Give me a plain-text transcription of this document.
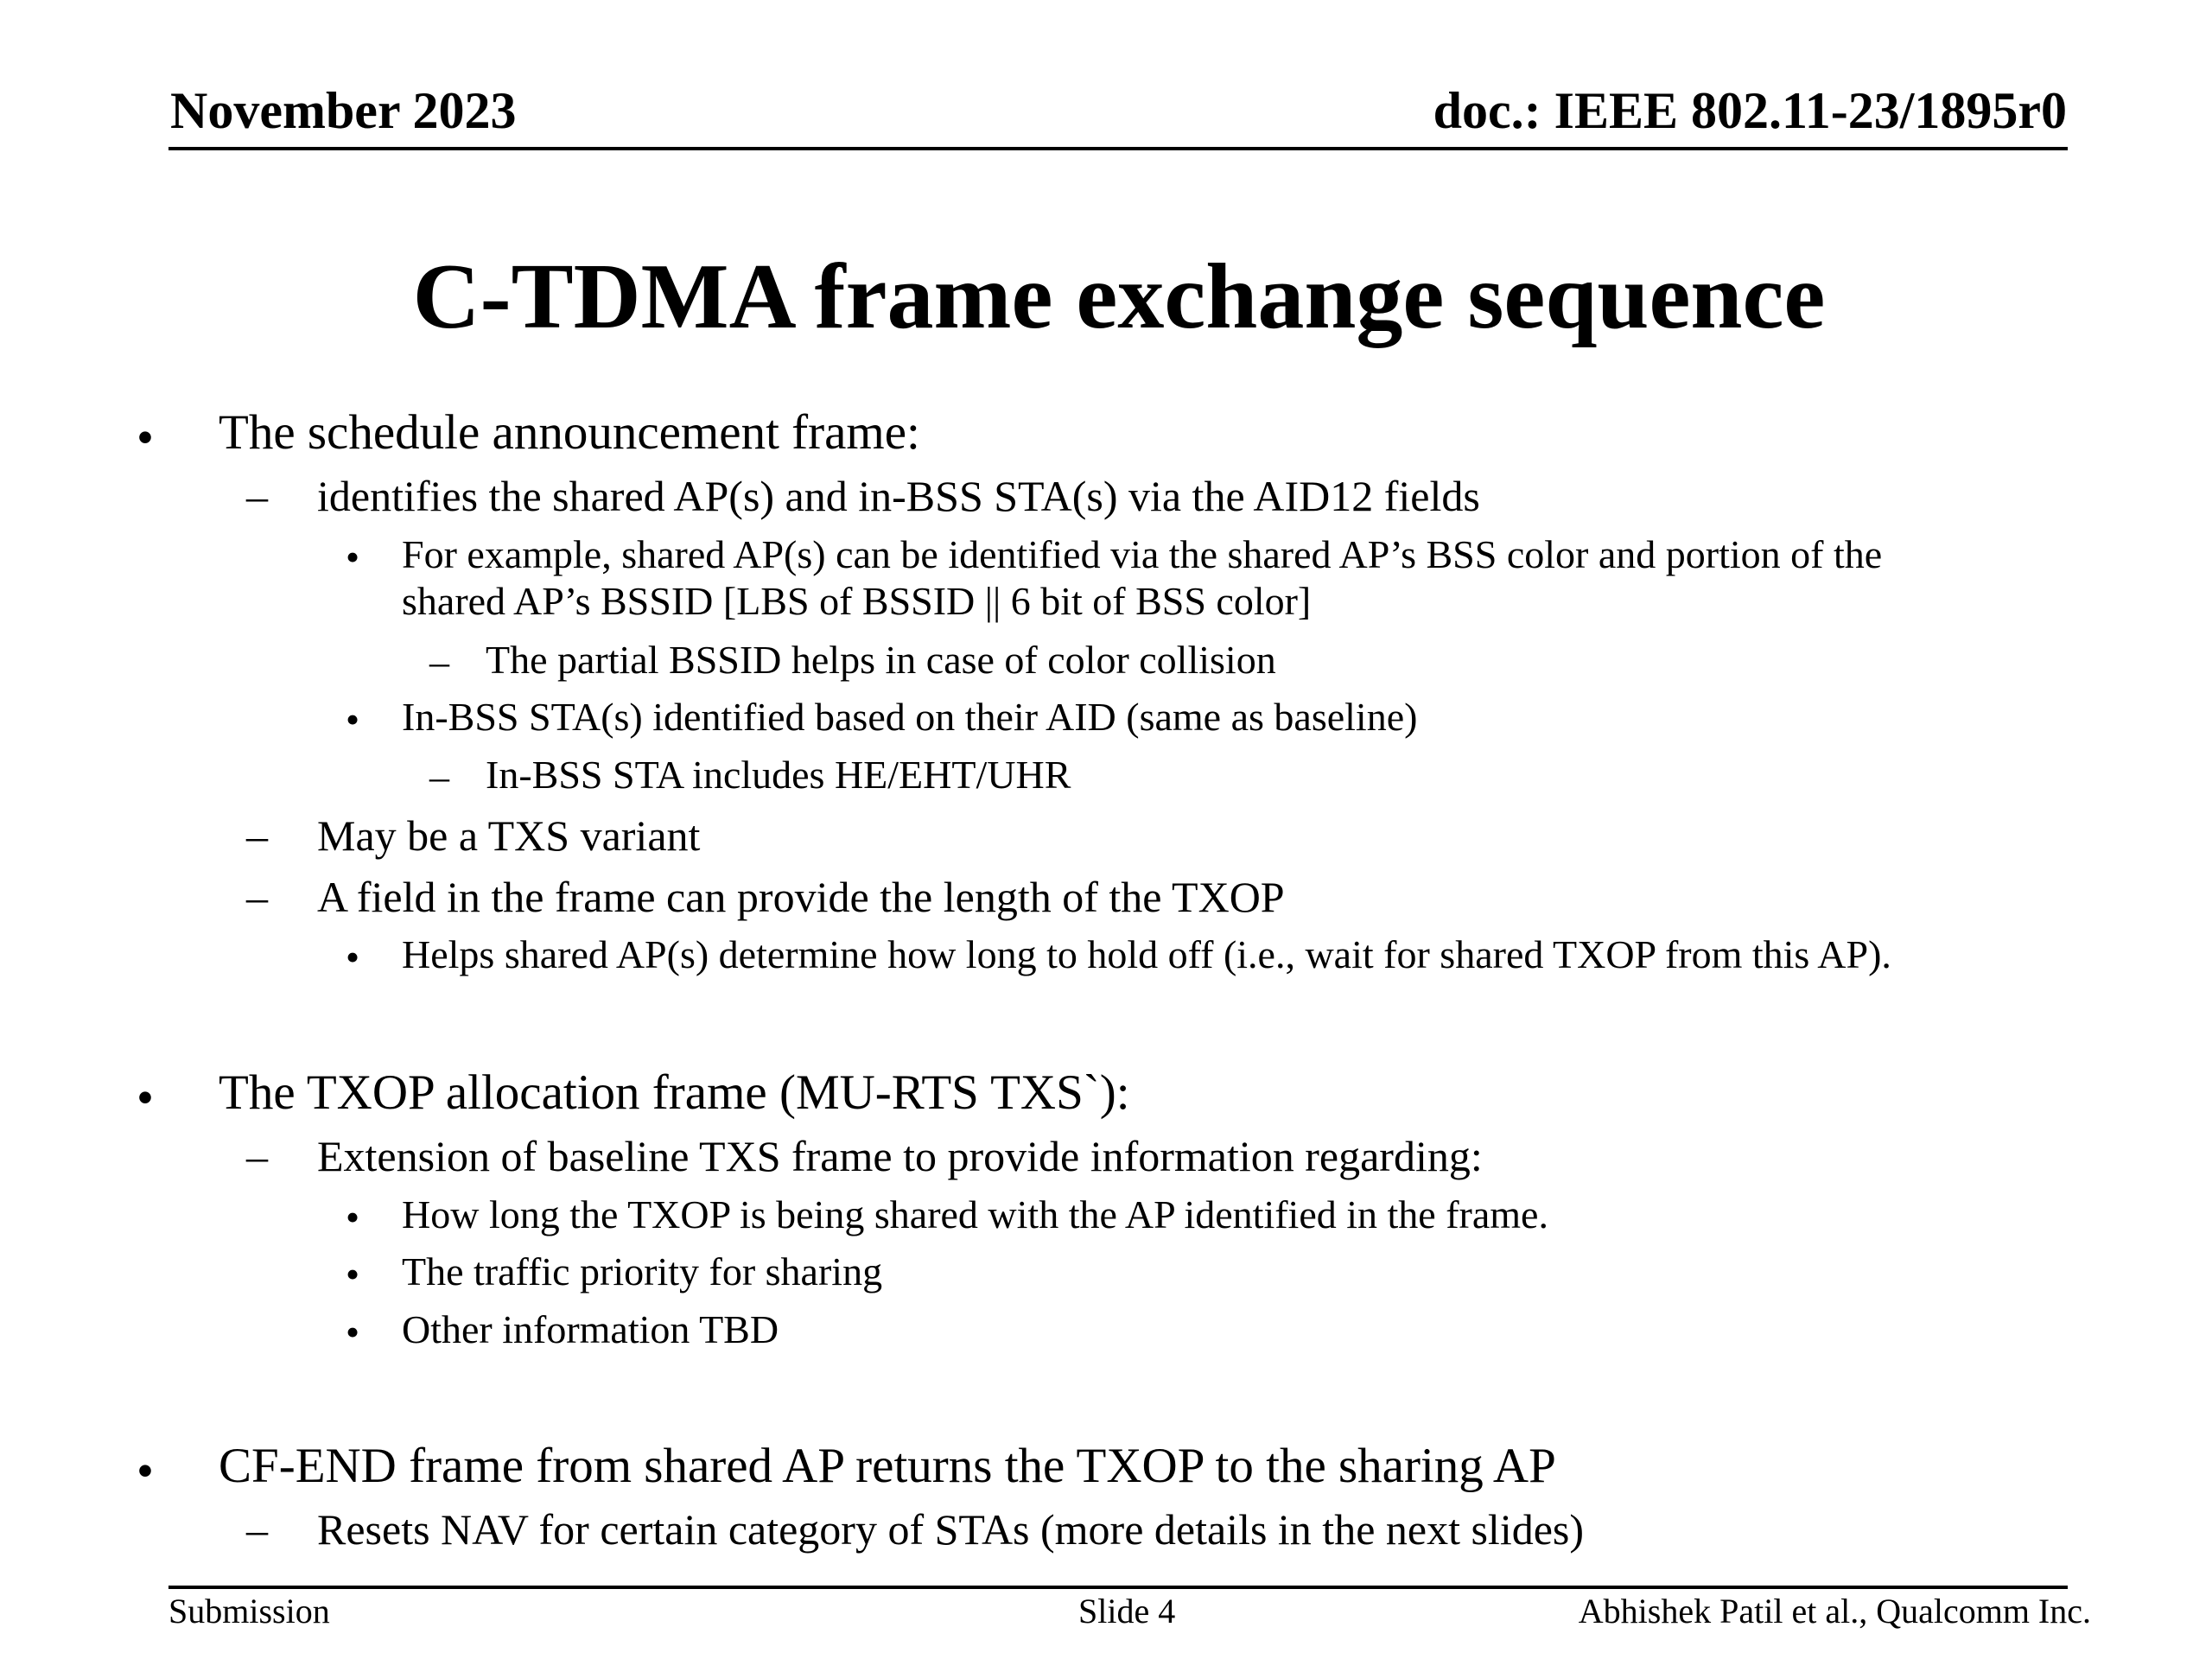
November 2023	doc.: IEEE 802.11-23/1895r0
C-TDMA frame exchange sequence
• The schedule announcement frame:
– identifies the shared AP(s) and in-BSS STA(s) via the AID12 fields
• For example, shared AP(s) can be identified via the shared AP’s BSS color and portion of the
shared AP’s BSSID [LBS of BSSID || 6 bit of BSS color]
– The partial BSSID helps in case of color collision
• In-BSS STA(s) identified based on their AID (same as baseline)
– In-BSS STA includes HE/EHT/UHR
– May be a TXS variant
– A field in the frame can provide the length of the TXOP
• Helps shared AP(s) determine how long to hold off (i.e., wait for shared TXOP from this AP).
• The TXOP allocation frame (MU-RTS TXS`):
– Extension of baseline TXS frame to provide information regarding:
• How long the TXOP is being shared with the AP identified in the frame.
• The traffic priority for sharing
• Other information TBD
• CF-END frame from shared AP returns the TXOP to the sharing AP
– Resets NAV for certain category of STAs (more details in the next slides)
Submission	Slide 4	Abhishek Patil et al., Qualcomm Inc.
